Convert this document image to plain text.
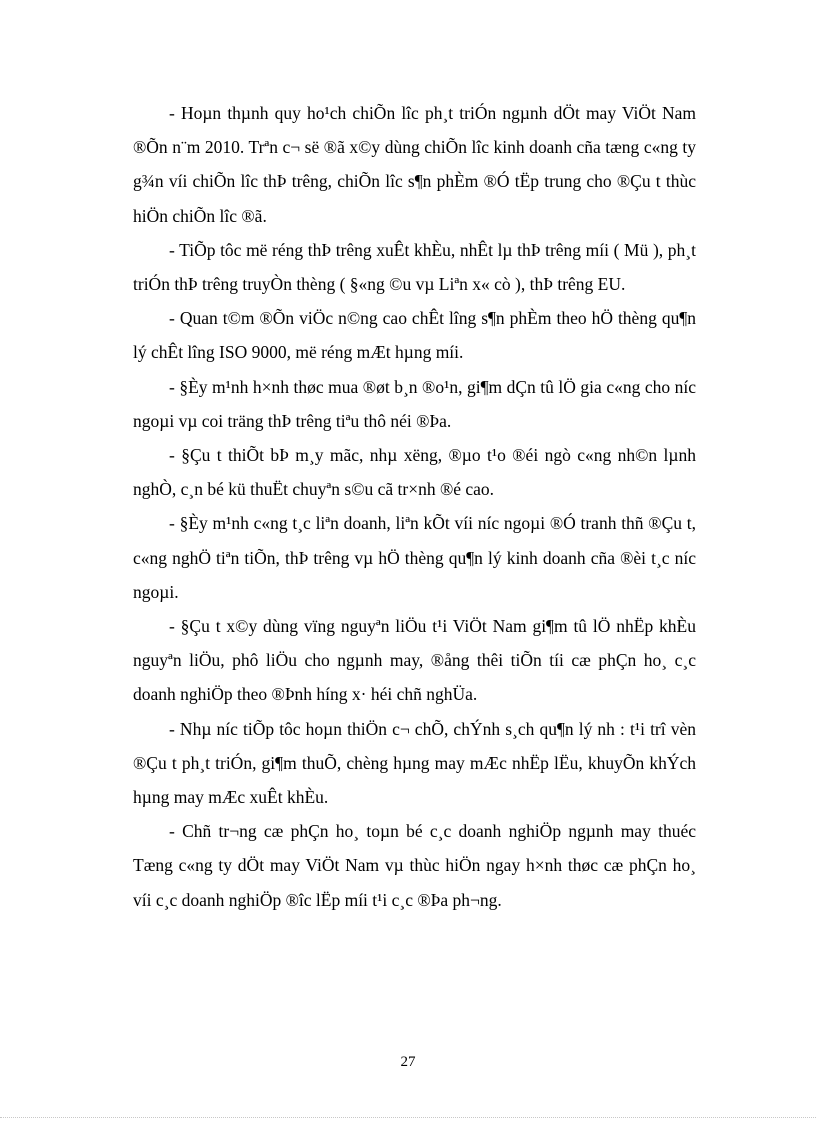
- Hoµn thµnh quy ho¹ch chiÕn lîc ph¸t triÓn ngµnh dÖt may ViÖt Nam ®Õn n¨m 2010. Trªn c¬ së ®ã x©y dùng chiÕn lîc kinh doanh cña tæng c«ng ty g¾n víi chiÕn lîc thÞ trêng, chiÕn lîc s¶n phÈm ®Ó tËp trung cho ®Çu t thùc hiÖn chiÕn lîc ®ã.

- TiÕp tôc më réng thÞ trêng xuÊt khÈu, nhÊt lµ thÞ trêng míi ( Mü ), ph¸t triÓn thÞ trêng truyÒn thèng ( §«ng ©u vµ Liªn x« cò ), thÞ trêng EU.

- Quan t©m ®Õn viÖc n©ng cao chÊt lîng s¶n phÈm theo hÖ thèng qu¶n lý chÊt lîng ISO 9000, më réng mÆt hµng míi.

- §Èy m¹nh h×nh thøc mua ®øt b¸n ®o¹n, gi¶m dÇn tû lÖ gia c«ng cho níc ngoµi vµ coi träng thÞ trêng tiªu thô néi ®Þa.

- §Çu t thiÕt bÞ m¸y mãc, nhµ xëng, ®µo t¹o ®éi ngò c«ng nh©n lµnh nghÒ, c¸n bé kü thuËt chuyªn s©u cã tr×nh ®é cao.

- §Èy m¹nh c«ng t¸c liªn doanh, liªn kÕt víi níc ngoµi ®Ó tranh thñ ®Çu t, c«ng nghÖ tiªn tiÕn, thÞ trêng vµ hÖ thèng qu¶n lý kinh doanh cña ®èi t¸c níc ngoµi.

- §Çu t x©y dùng vïng nguyªn liÖu t¹i ViÖt Nam gi¶m tû lÖ nhËp khÈu nguyªn liÖu, phô liÖu cho ngµnh may, ®ång thêi tiÕn tíi cæ phÇn ho¸ c¸c doanh nghiÖp theo ®Þnh híng x· héi chñ nghÜa.

- Nhµ níc tiÕp tôc hoµn thiÖn c¬ chÕ, chÝnh s¸ch qu¶n lý nh : t¹i trî vèn ®Çu t ph¸t triÓn, gi¶m thuÕ, chèng hµng may mÆc nhËp lËu, khuyÕn khÝch hµng may mÆc xuÊt khÈu.

- Chñ tr¬ng cæ phÇn ho¸ toµn bé c¸c doanh nghiÖp ngµnh may thuéc Tæng c«ng ty dÖt may ViÖt Nam vµ thùc hiÖn ngay h×nh thøc cæ phÇn ho¸ víi c¸c doanh nghiÖp ®îc lËp míi t¹i c¸c ®Þa ph¬ng.

27
